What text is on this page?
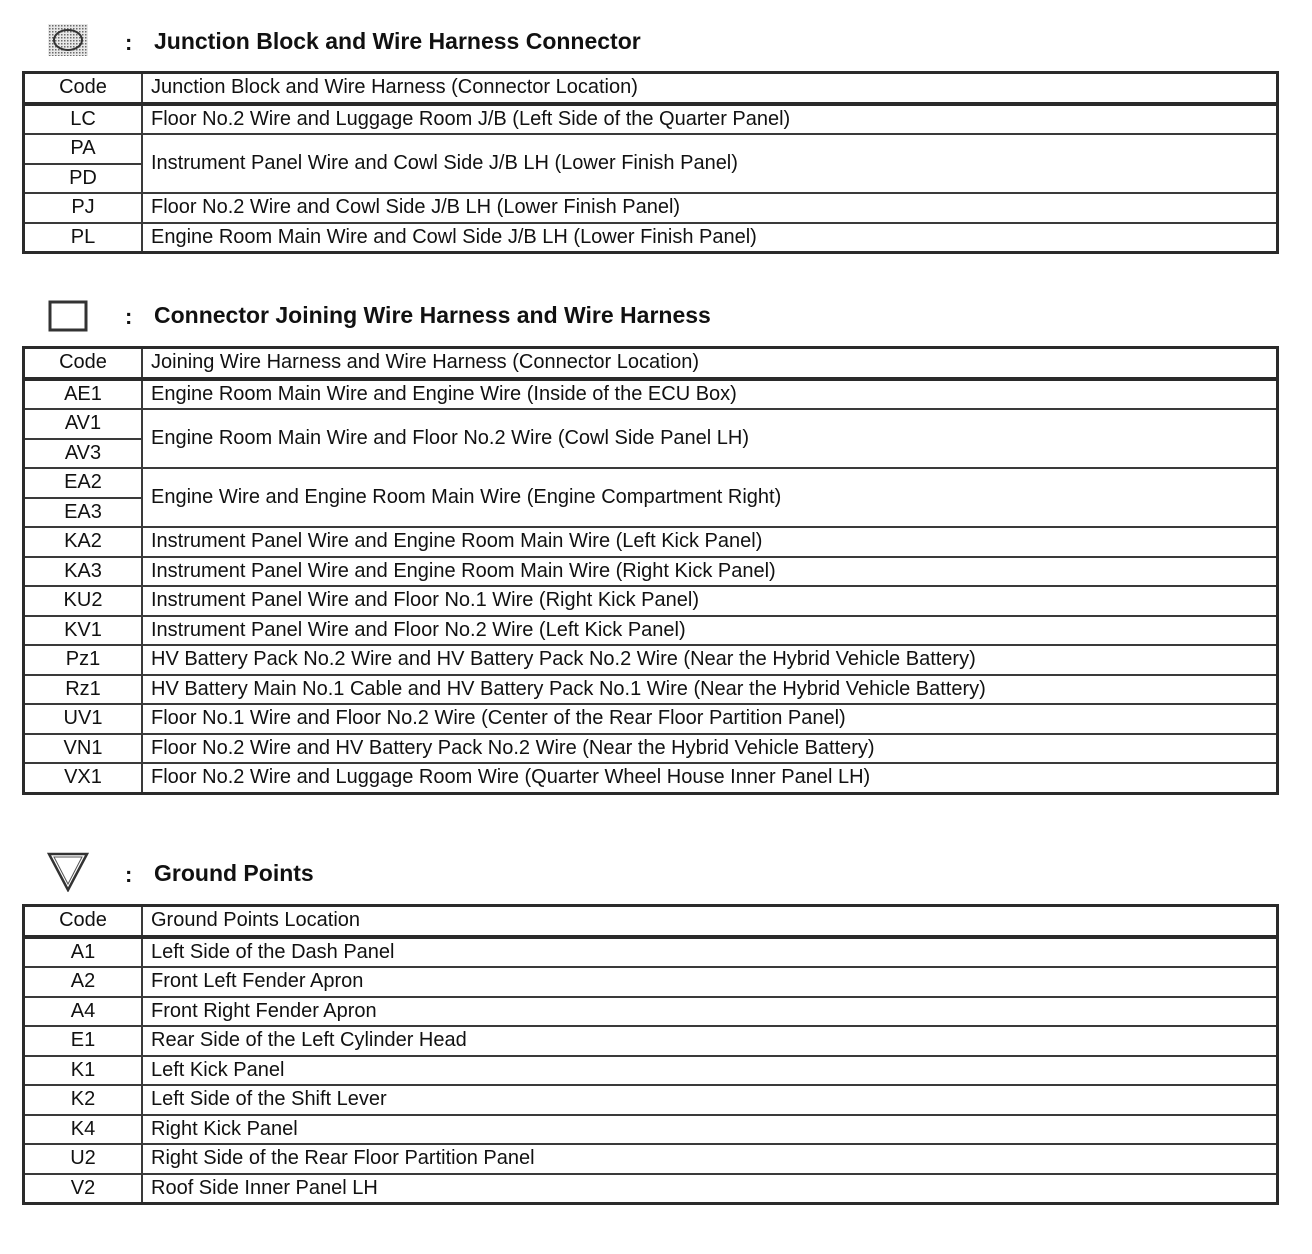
: Junction Block and Wire Harness Connector
Code	Junction Block and Wire Harness (Connector Location)
LC	Floor No.2 Wire and Luggage Room J/B (Left Side of the Quarter Panel)
PA	Instrument Panel Wire and Cowl Side J/B LH (Lower Finish Panel)
PD	
PJ	Floor No.2 Wire and Cowl Side J/B LH (Lower Finish Panel)
PL	Engine Room Main Wire and Cowl Side J/B LH (Lower Finish Panel)
: Connector Joining Wire Harness and Wire Harness
Code	Joining Wire Harness and Wire Harness (Connector Location)
AE1	Engine Room Main Wire and Engine Wire (Inside of the ECU Box)
AV1	Engine Room Main Wire and Floor No.2 Wire (Cowl Side Panel LH)
AV3	
EA2	Engine Wire and Engine Room Main Wire (Engine Compartment Right)
EA3	
KA2	Instrument Panel Wire and Engine Room Main Wire (Left Kick Panel)
KA3	Instrument Panel Wire and Engine Room Main Wire (Right Kick Panel)
KU2	Instrument Panel Wire and Floor No.1 Wire (Right Kick Panel)
KV1	Instrument Panel Wire and Floor No.2 Wire (Left Kick Panel)
Pz1	HV Battery Pack No.2 Wire and HV Battery Pack No.2 Wire (Near the Hybrid Vehicle Battery)
Rz1	HV Battery Main No.1 Cable and HV Battery Pack No.1 Wire (Near the Hybrid Vehicle Battery)
UV1	Floor No.1 Wire and Floor No.2 Wire (Center of the Rear Floor Partition Panel)
VN1	Floor No.2 Wire and HV Battery Pack No.2 Wire (Near the Hybrid Vehicle Battery)
VX1	Floor No.2 Wire and Luggage Room Wire (Quarter Wheel House Inner Panel LH)
: Ground Points
Code	Ground Points Location
A1	Left Side of the Dash Panel
A2	Front Left Fender Apron
A4	Front Right Fender Apron
E1	Rear Side of the Left Cylinder Head
K1	Left Kick Panel
K2	Left Side of the Shift Lever
K4	Right Kick Panel
U2	Right Side of the Rear Floor Partition Panel
V2	Roof Side Inner Panel LH
